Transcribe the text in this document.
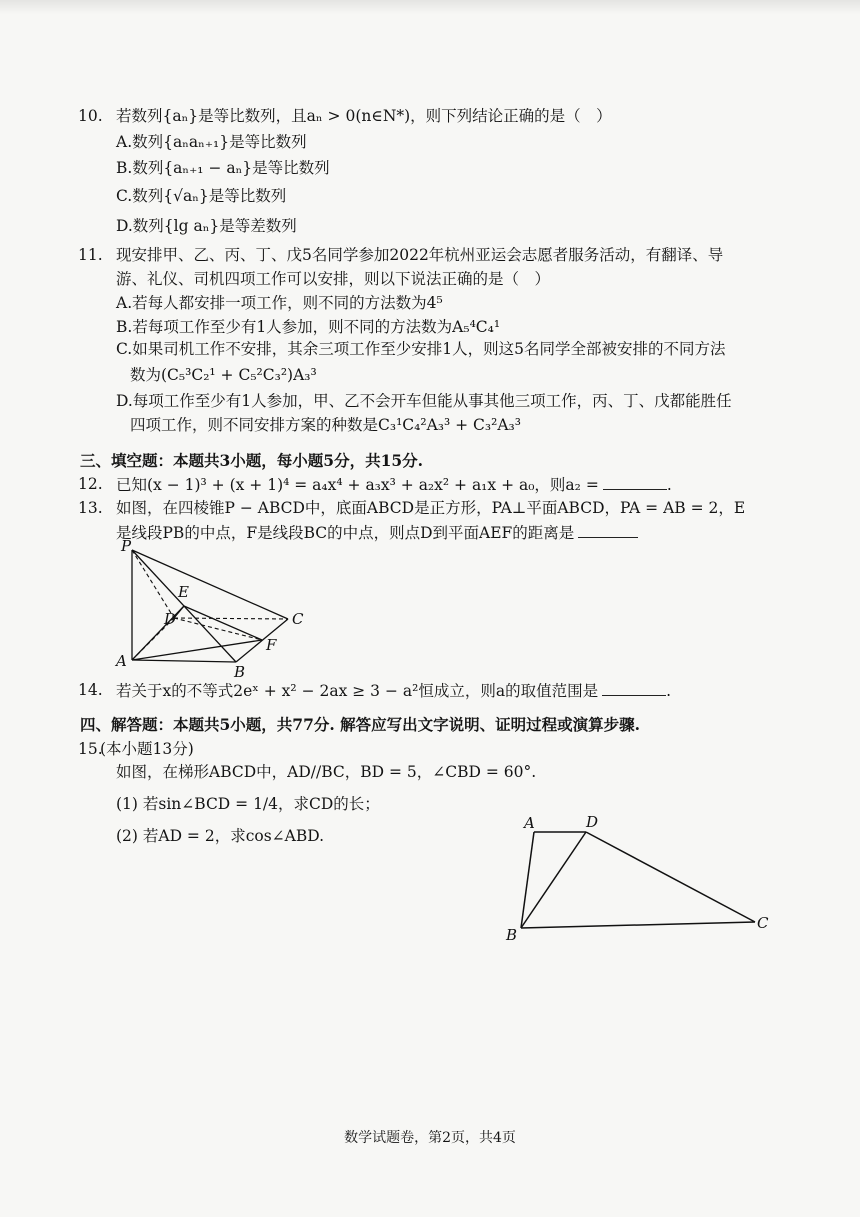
10. 若数列{aₙ}是等比数列，且aₙ > 0(n∈N*)，则下列结论正确的是（　）
A.数列{aₙaₙ₊₁}是等比数列
B.数列{aₙ₊₁ − aₙ}是等比数列
C.数列{√aₙ}是等比数列
D.数列{lg aₙ}是等差数列
11. 现安排甲、乙、丙、丁、戊5名同学参加2022年杭州亚运会志愿者服务活动，有翻译、导
游、礼仪、司机四项工作可以安排，则以下说法正确的是（　）
A.若每人都安排一项工作，则不同的方法数为4⁵
B.若每项工作至少有1人参加，则不同的方法数为A₅⁴C₄¹
C.如果司机工作不安排，其余三项工作至少安排1人，则这5名同学全部被安排的不同方法
数为(C₅³C₂¹ + C₅²C₃²)A₃³
D.每项工作至少有1人参加，甲、乙不会开车但能从事其他三项工作，丙、丁、戊都能胜任
四项工作，则不同安排方案的种数是C₃¹C₄²A₃³ + C₃²A₃³
三、填空题：本题共3小题，每小题5分，共15分.
12. 已知(x − 1)³ + (x + 1)⁴ = a₄x⁴ + a₃x³ + a₂x² + a₁x + a₀，则a₂ =	.
13. 如图，在四棱锥P − ABCD中，底面ABCD是正方形，PA⊥平面ABCD，PA = AB = 2，E
是线段PB的中点，F是线段BC的中点，则点D到平面AEF的距离是
P
E
D	C
F
A
B
14. 若关于x的不等式2eˣ + x² − 2ax ≥ 3 − a²恒成立，则a的取值范围是	.
四、解答题：本题共5小题，共77分. 解答应写出文字说明、证明过程或演算步骤.
15.
(本小题13分)
如图，在梯形ABCD中，AD//BC，BD = 5，∠CBD = 60°.
(1) 若sin∠BCD = 1/4，求CD的长；
(2) 若AD = 2，求cos∠ABD.
A	D
B
C
数学试题卷，第2页，共4页
